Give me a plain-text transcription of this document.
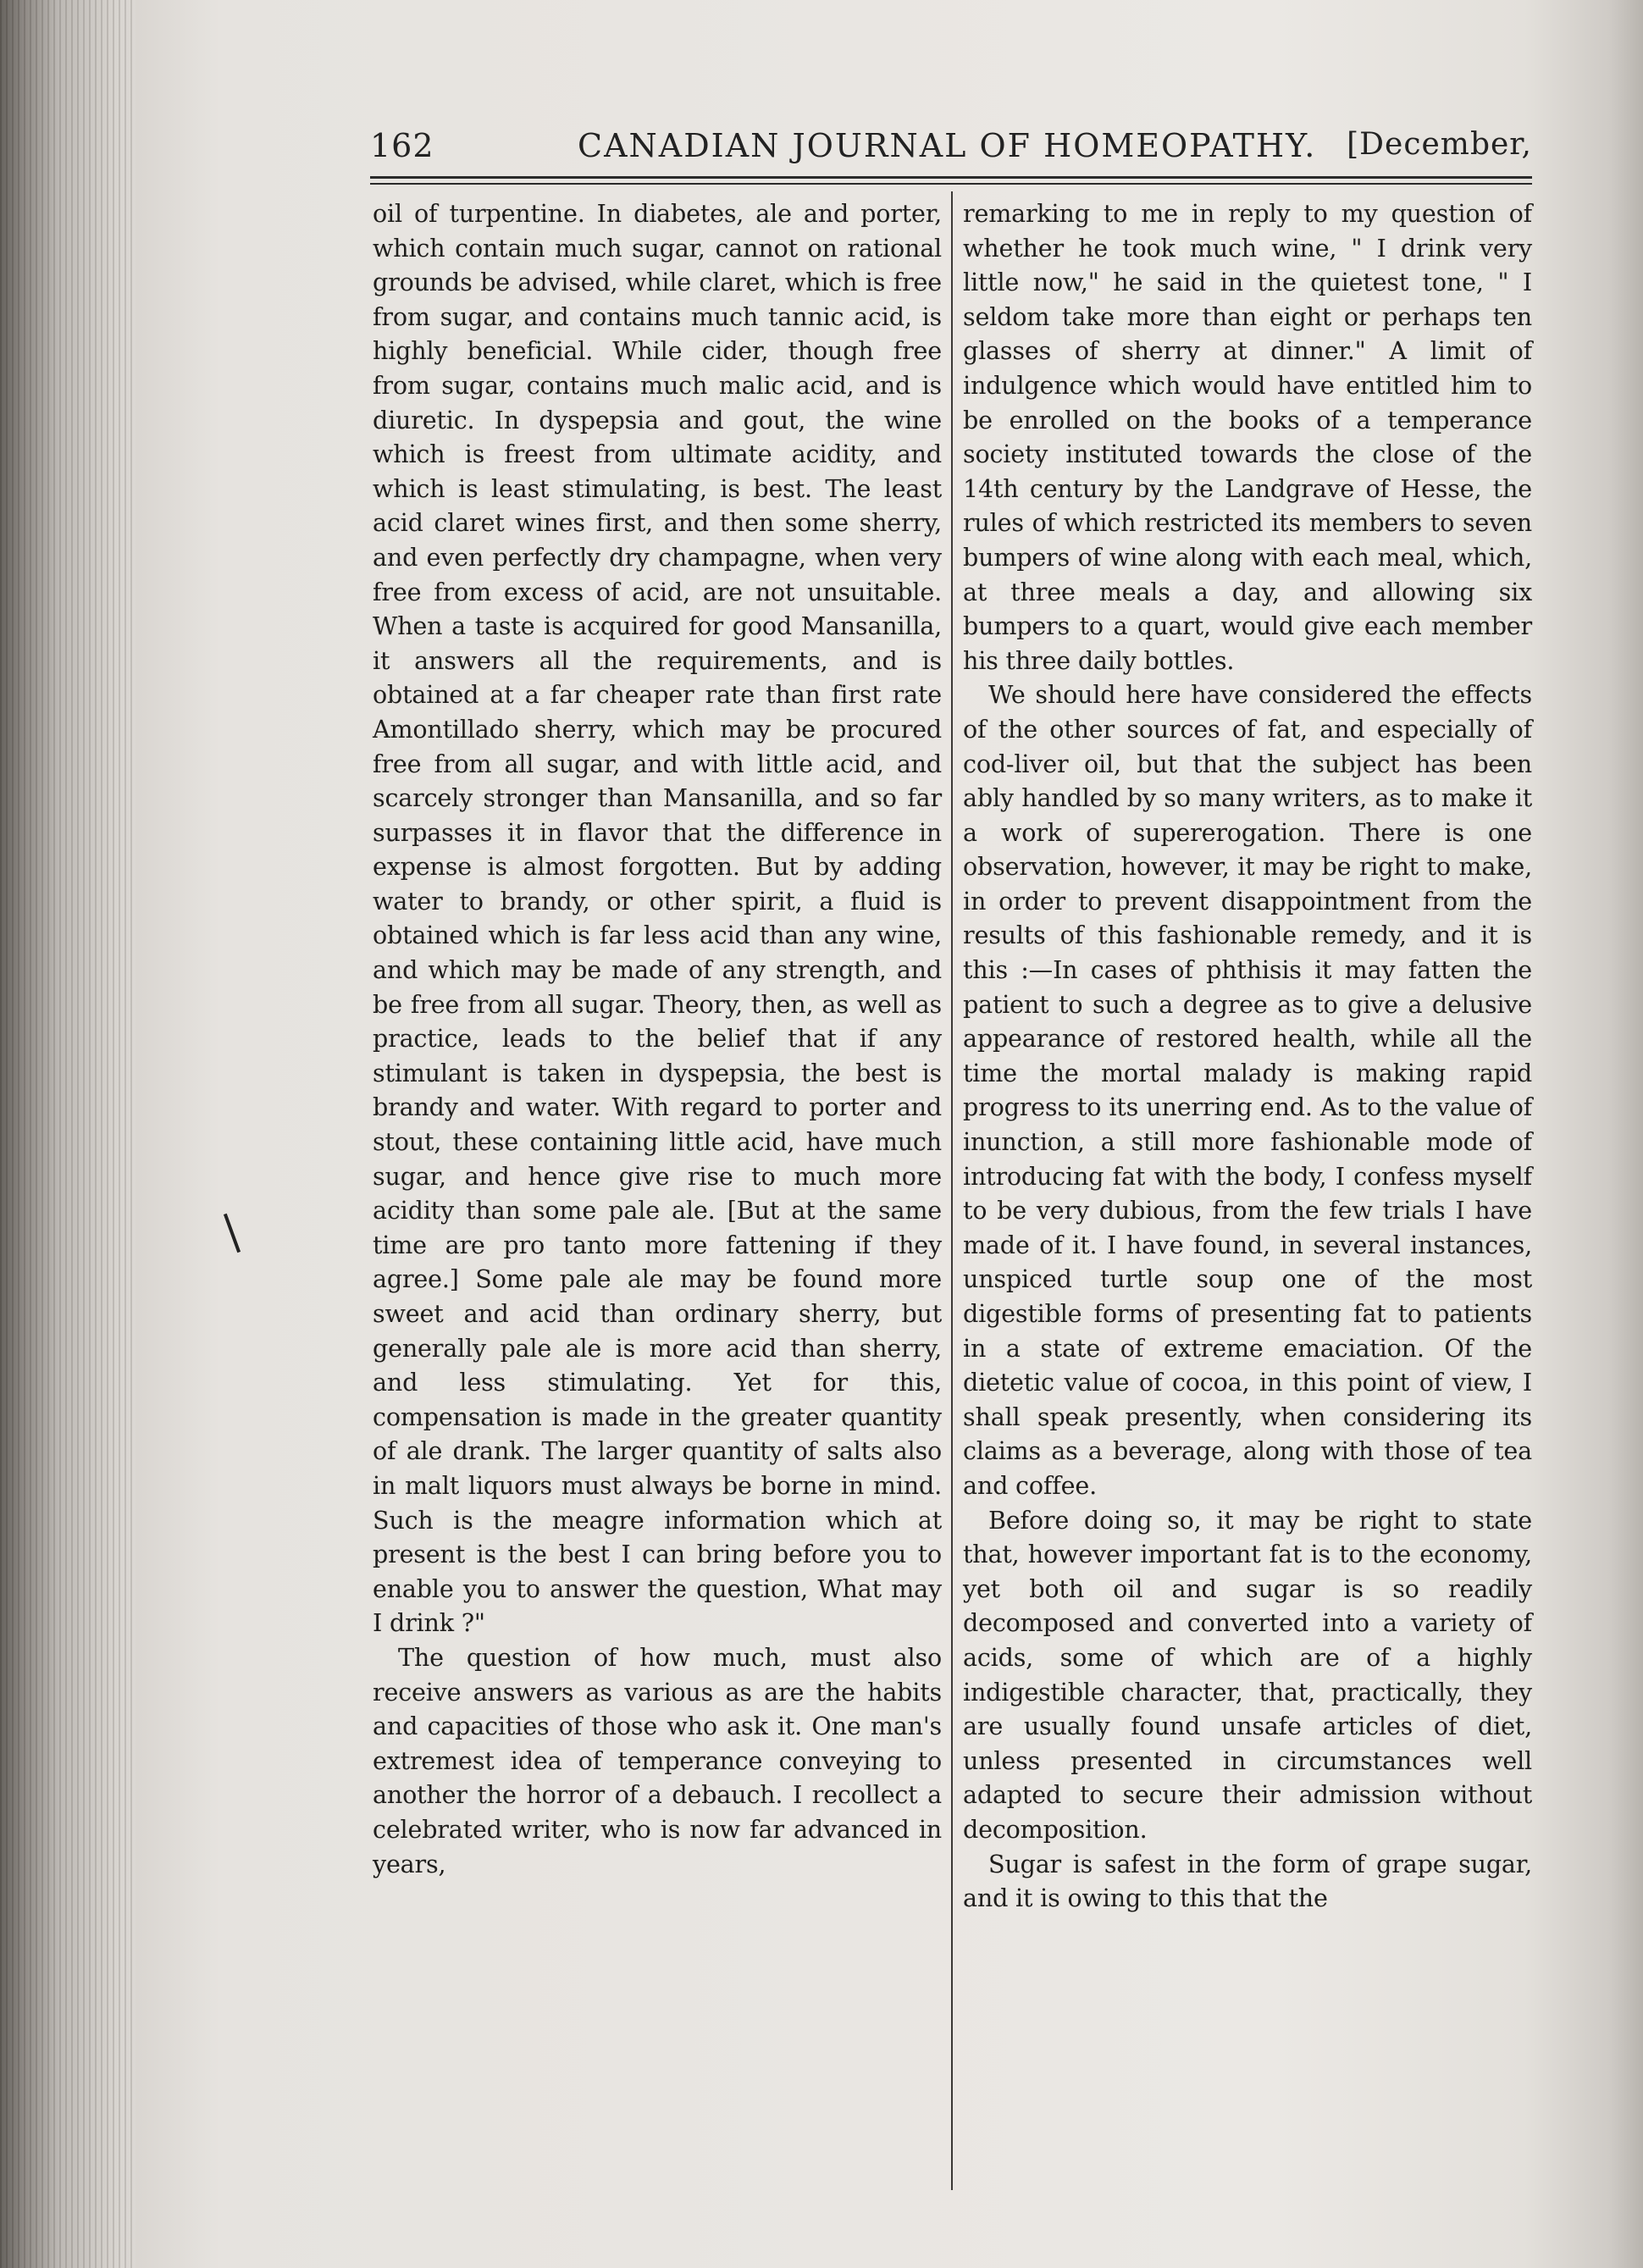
162	CANADIAN JOURNAL OF HOMEOPATHY. [December,

oil of turpentine. In diabetes, ale and porter, which contain much sugar, cannot on rational grounds be advised, while claret, which is free from sugar, and contains much tannic acid, is highly beneficial. While cider, though free from sugar, contains much malic acid, and is diuretic. In dyspepsia and gout, the wine which is freest from ultimate acidity, and which is least stimulating, is best. The least acid claret wines first, and then some sherry, and even perfectly dry champagne, when very free from excess of acid, are not unsuitable. When a taste is acquired for good Mansanilla, it answers all the requirements, and is obtained at a far cheaper rate than first rate Amontillado sherry, which may be procured free from all sugar, and with little acid, and scarcely stronger than Mansanilla, and so far surpasses it in flavor that the difference in expense is almost forgotten. But by adding water to brandy, or other spirit, a fluid is obtained which is far less acid than any wine, and which may be made of any strength, and be free from all sugar. Theory, then, as well as practice, leads to the belief that if any stimulant is taken in dyspepsia, the best is brandy and water. With regard to porter and stout, these containing little acid, have much sugar, and hence give rise to much more acidity than some pale ale. [But at the same time are pro tanto more fattening if they agree.] Some pale ale may be found more sweet and acid than ordinary sherry, but generally pale ale is more acid than sherry, and less stimulating. Yet for this, compensation is made in the greater quantity of ale drank. The larger quantity of salts also in malt liquors must always be borne in mind. Such is the meagre information which at present is the best I can bring before you to enable you to answer the question, What may I drink ?"

The question of how much, must also receive answers as various as are the habits and capacities of those who ask it. One man's extremest idea of temperance conveying to another the horror of a debauch. I recollect a celebrated writer, who is now far advanced in years,

remarking to me in reply to my question of whether he took much wine, " I drink very little now," he said in the quietest tone, " I seldom take more than eight or perhaps ten glasses of sherry at dinner." A limit of indulgence which would have entitled him to be enrolled on the books of a temperance society instituted towards the close of the 14th century by the Landgrave of Hesse, the rules of which restricted its members to seven bumpers of wine along with each meal, which, at three meals a day, and allowing six bumpers to a quart, would give each member his three daily bottles.

We should here have considered the effects of the other sources of fat, and especially of cod-liver oil, but that the subject has been ably handled by so many writers, as to make it a work of supererogation. There is one observation, however, it may be right to make, in order to prevent disappointment from the results of this fashionable remedy, and it is this :—In cases of phthisis it may fatten the patient to such a degree as to give a delusive appearance of restored health, while all the time the mortal malady is making rapid progress to its unerring end. As to the value of inunction, a still more fashionable mode of introducing fat with the body, I confess myself to be very dubious, from the few trials I have made of it. I have found, in several instances, unspiced turtle soup one of the most digestible forms of presenting fat to patients in a state of extreme emaciation. Of the dietetic value of cocoa, in this point of view, I shall speak presently, when considering its claims as a beverage, along with those of tea and coffee.

Before doing so, it may be right to state that, however important fat is to the economy, yet both oil and sugar is so readily decomposed and converted into a variety of acids, some of which are of a highly indigestible character, that, practically, they are usually found unsafe articles of diet, unless presented in circumstances well adapted to secure their admission without decomposition.

Sugar is safest in the form of grape sugar, and it is owing to this that the
